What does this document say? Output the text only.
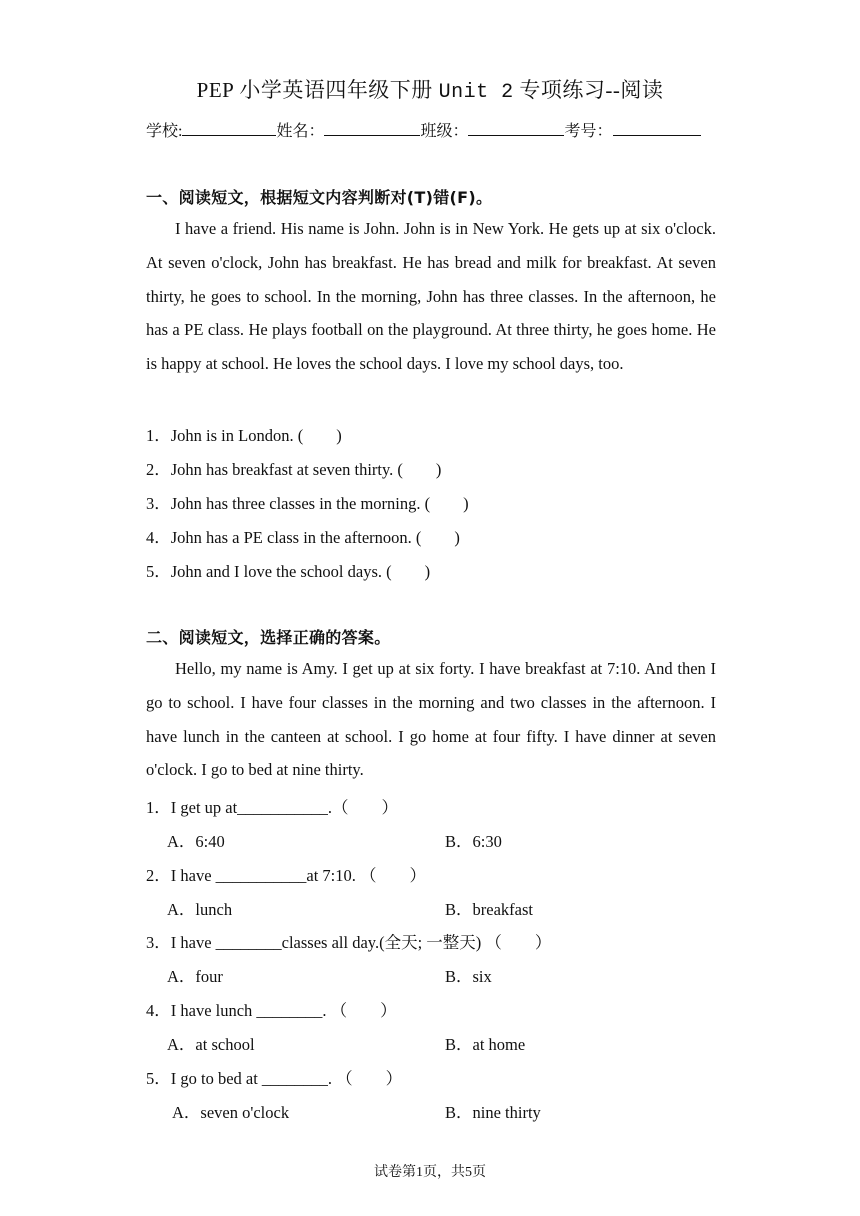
PEP 小学英语四年级下册 Unit 2 专项练习--阅读
学校:	姓名：	班级：	考号：
一、阅读短文，根据短文内容判断对(T)错(F)。
I have a friend. His name is John. John is in New York. He gets up at six o'clock. At seven o'clock, John has breakfast. He has bread and milk for breakfast. At seven thirty, he goes to school. In the morning, John has three classes. In the afternoon, he has a PE class. He plays football on the playground. At three thirty, he goes home. He is happy at school. He loves the school days. I love my school days, too.
1．John is in London. (　　)
2．John has breakfast at seven thirty. (　　)
3．John has three classes in the morning. (　　)
4．John has a PE class in the afternoon. (　　)
5．John and I love the school days. (　　)
二、阅读短文，选择正确的答案。
Hello, my name is Amy. I get up at six forty. I have breakfast at 7:10. And then I go to school. I have four classes in the morning and two classes in the afternoon. I have lunch in the canteen at school. I go home at four fifty. I have dinner at seven o'clock. I go to bed at nine thirty.
1．I get up at___________.（　　）
A．6:40	B．6:30
2．I have ___________at 7:10. （　　）
A．lunch	B．breakfast
3．I have ________classes all day.(全天; 一整天) （　　）
A．four	B．six
4．I have lunch ________. （　　）
A．at school	B．at home
5．I go to bed at ________. （　　）
A．seven o'clock	B．nine thirty
试卷第1页，共5页
